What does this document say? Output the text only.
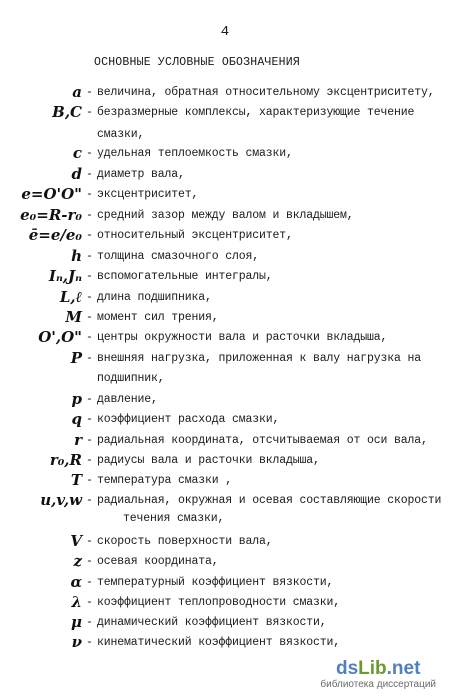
4
ОСНОВНЫЕ УСЛОВНЫЕ ОБОЗНАЧЕНИЯ
a - величина, обратная относительному эксцентриситету,
B,C - безразмерные комплексы, характеризующие течение
c - удельная теплоемкость смазки,
d - диаметр вала,
e=O'O" - эксцентриситет,
e₀=R-r₀ - средний зазор между валом и вкладышем,
ē=e/e₀ - относительный эксцентриситет,
h - толщина смазочного слоя,
Iₙ,Jₙ - вспомогательные интегралы,
L,ℓ - длина подшипника,
M - момент сил трения,
O',O" - центры окружности вала и расточки вкладыша,
P - внешняя нагрузка, приложенная к валу нагрузка на
p - давление,
q - коэффициент расхода смазки,
r - радиальная координата, отсчитываемая от оси вала,
r₀,R - радиусы вала и расточки вкладыша,
T - температура смазки ,
u,v,w - радиальная, окружная и осевая составляющие скорости
V - скорость поверхности вала,
z - осевая координата,
α - температурный коэффициент вязкости,
λ - коэффициент теплопроводности смазки,
μ - динамический коэффициент вязкости,
ν - кинематический коэффициент вязкости,
смазки,
подшипник,
течения смазки,
dsLib.net
библиотека диссертаций
